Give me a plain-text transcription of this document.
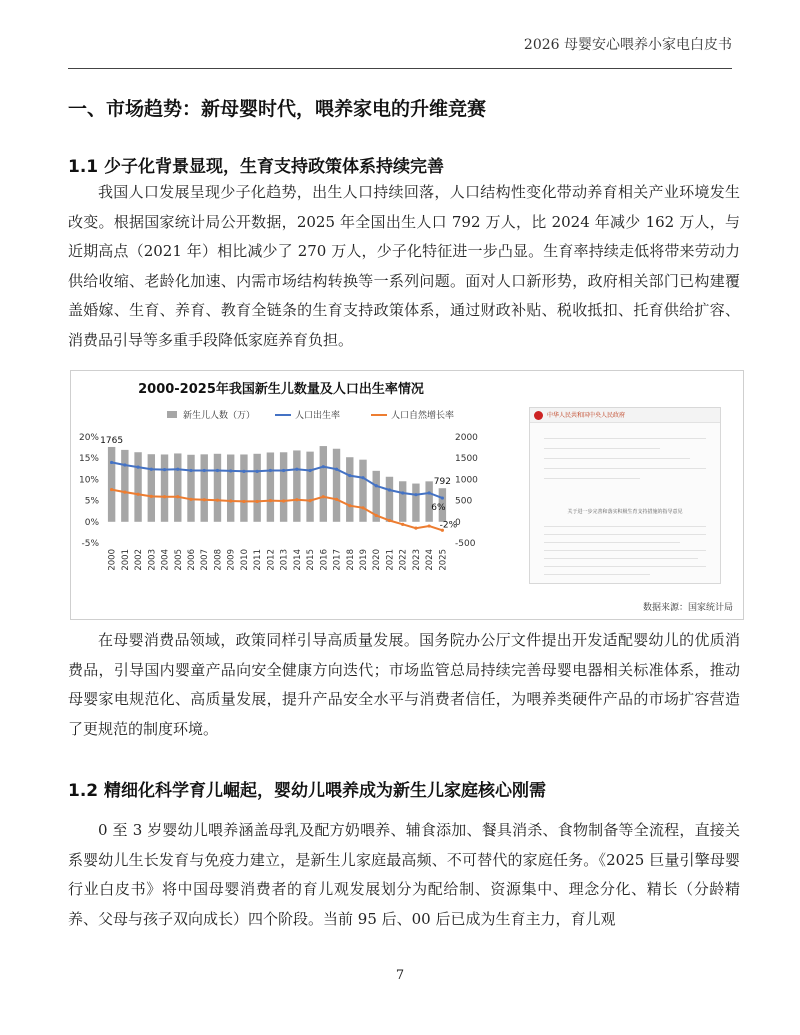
2026 母婴安心喂养小家电白皮书
一、市场趋势：新母婴时代，喂养家电的升维竞赛
1.1 少子化背景显现，生育支持政策体系持续完善

我国人口发展呈现少子化趋势，出生人口持续回落，人口结构性变化带动养育相关产业环境发生改变。根据国家统计局公开数据，2025 年全国出生人口 792 万人，比 2024 年减少 162 万人，与近期高点（2021 年）相比减少了 270 万人，少子化特征进一步凸显。生育率持续走低将带来劳动力供给收缩、老龄化加速、内需市场结构转换等一系列问题。面对人口新形势，政府相关部门已构建覆盖婚嫁、生育、养育、教育全链条的生育支持政策体系，通过财政补贴、税收抵扣、托育供给扩容、消费品引导等多重手段降低家庭养育负担。

2000-2025年我国新生儿数量及人口出生率情况
新生儿人数（万）	人口出生率	人口自然增长率
20%
15%
10%
5%
0%
-5%
2000
1500
1000
500
0
-500
2000 2001 2002 2003 2004 2005 2006 2007 2008 2009 2010 2011 2012 2013 2014 2015 2016 2017 2018 2019 2020 2021 2022 2023 2024 2025
1765
792
6%
-2%
中华人民共和国中央人民政府
关于进一步完善和落实积极生育支持措施的指导意见
数据来源：国家统计局

在母婴消费品领域，政策同样引导高质量发展。国务院办公厅文件提出开发适配婴幼儿的优质消费品，引导国内婴童产品向安全健康方向迭代；市场监管总局持续完善母婴电器相关标准体系，推动母婴家电规范化、高质量发展，提升产品安全水平与消费者信任，为喂养类硬件产品的市场扩容营造了更规范的制度环境。

1.2 精细化科学育儿崛起，婴幼儿喂养成为新生儿家庭核心刚需

0 至 3 岁婴幼儿喂养涵盖母乳及配方奶喂养、辅食添加、餐具消杀、食物制备等全流程，直接关系婴幼儿生长发育与免疫力建立，是新生儿家庭最高频、不可替代的家庭任务。《2025 巨量引擎母婴行业白皮书》将中国母婴消费者的育儿观发展划分为配给制、资源集中、理念分化、精长（分龄精养、父母与孩子双向成长）四个阶段。当前 95 后、00 后已成为生育主力，育儿观

7
